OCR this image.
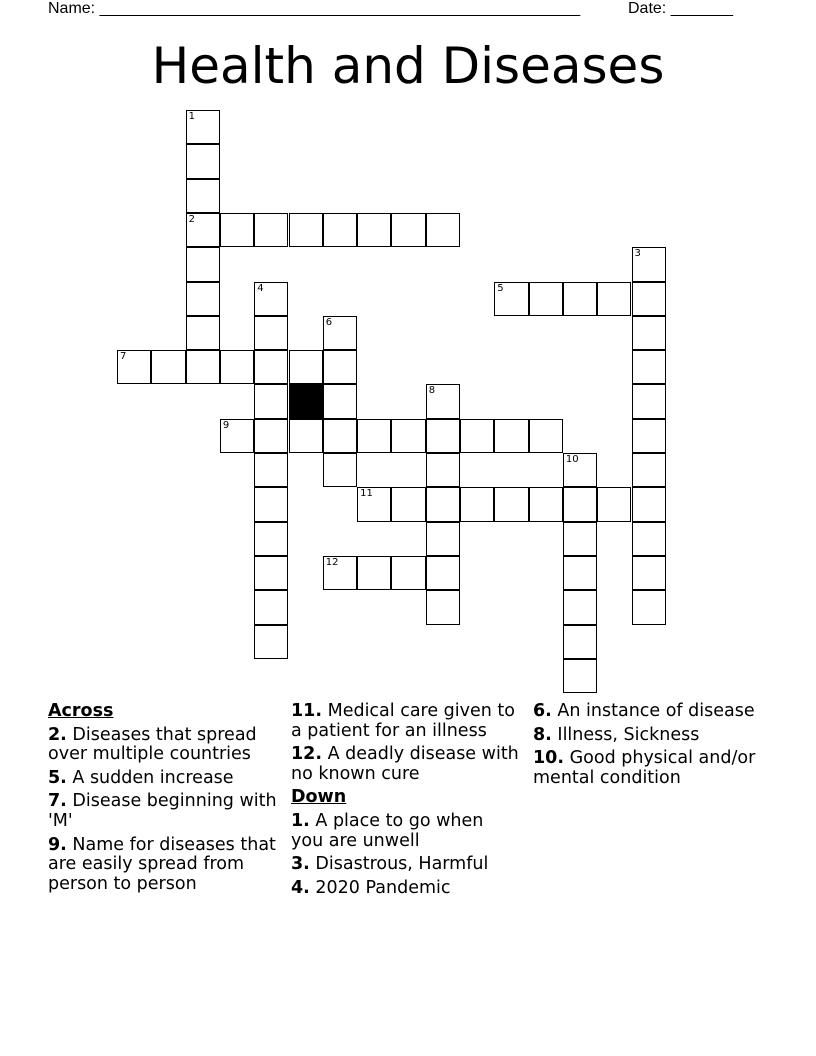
Name: ______________________________________________________	Date: _______
Health and Diseases
1
2
3
4	5
6
7
8
9
10
11
12
Across
2. Diseases that spread over multiple countries
5. A sudden increase
7. Disease beginning with 'M'
9. Name for diseases that are easily spread from person to person
11. Medical care given to a patient for an illness
12. A deadly disease with no known cure
Down
1. A place to go when you are unwell
3. Disastrous, Harmful
4. 2020 Pandemic
6. An instance of disease
8. Illness, Sickness
10. Good physical and/or mental condition
